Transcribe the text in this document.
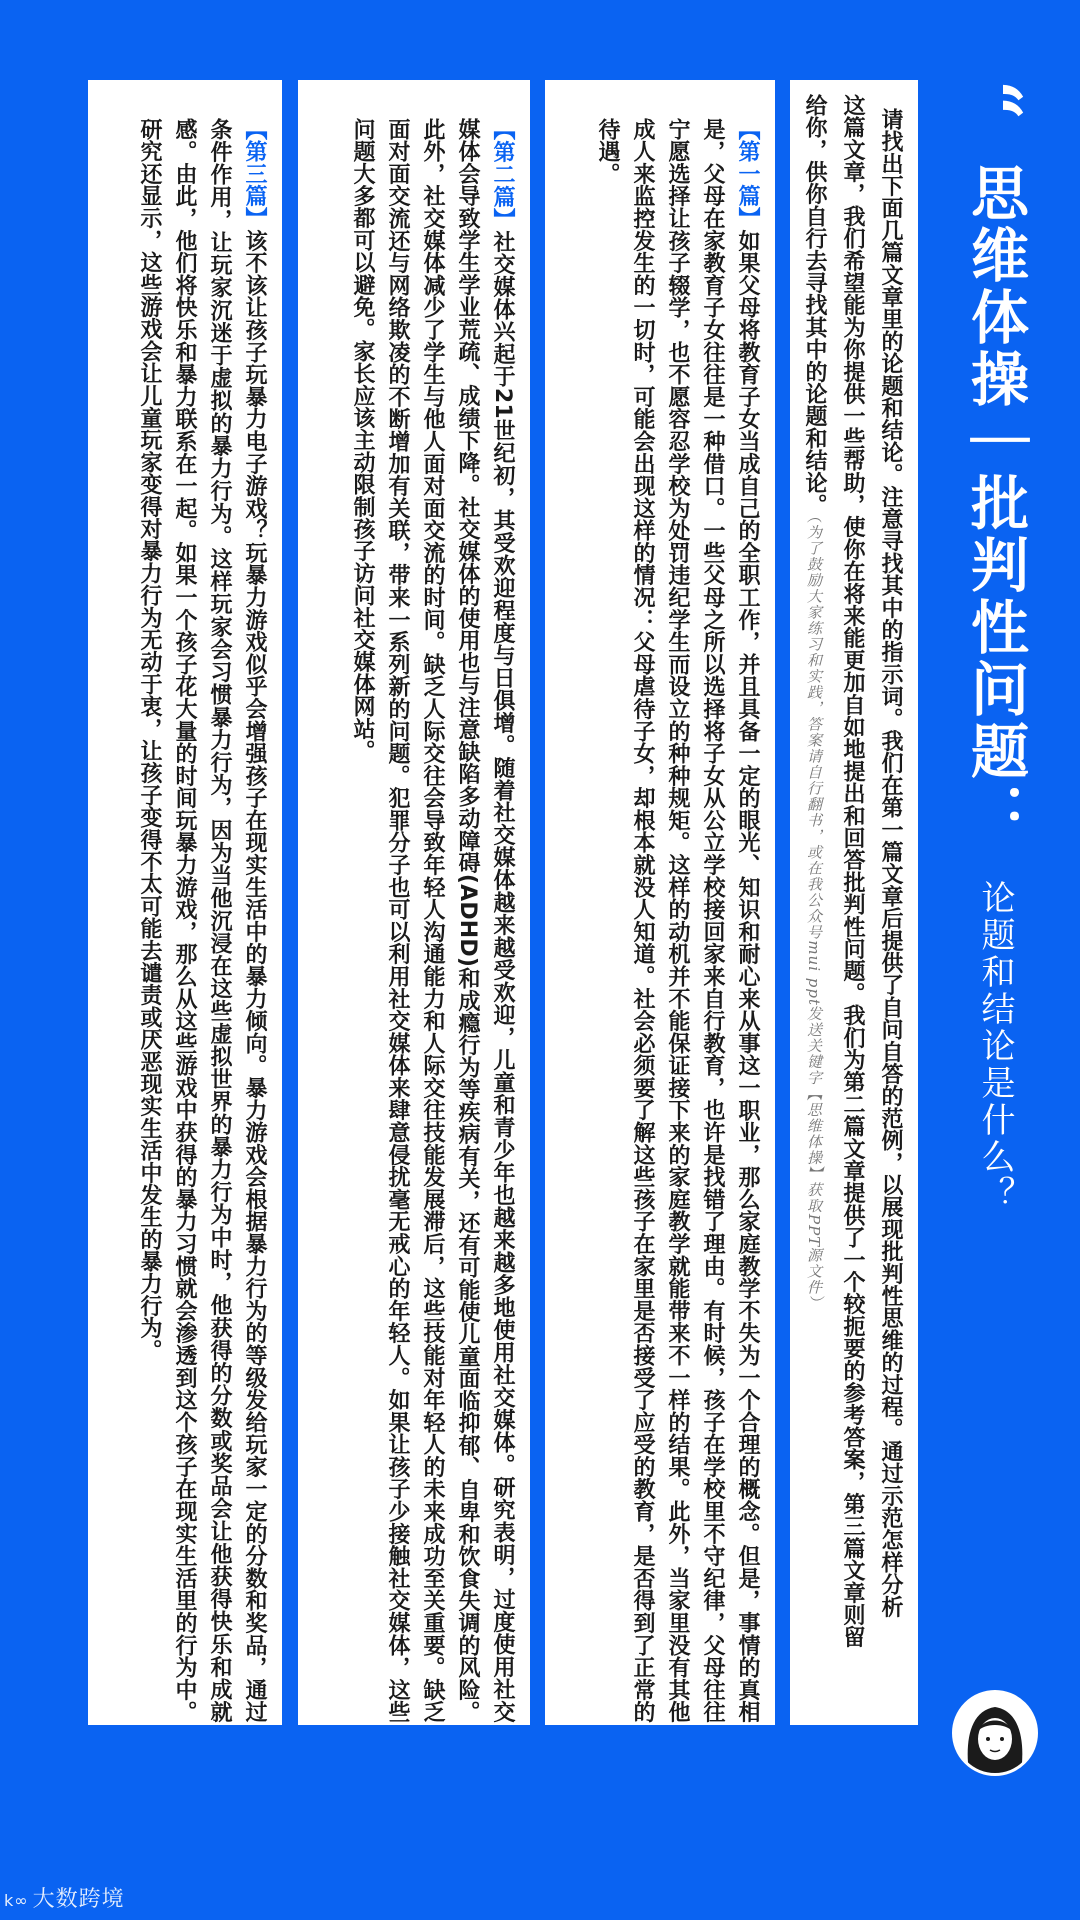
“ 思维体操｜批判性问题： 论题和结论是什么？
请找出下面几篇文章里的论题和结论。注意寻找其中的指示词。我们在第一篇文章后提供了自问自答的范例，以展现批判性思维的过程。通过示范怎样分析
这篇文章，我们希望能为你提供一些帮助，使你在将来能更加自如地提出和回答批判性问题。我们为第二篇文章提供了一个较扼要的参考答案，第三篇文章则留
给你，供你自行去寻找其中的论题和结论。（为了鼓励大家练习和实践，答案请自行翻书，或在我公众号mui ppt发送关键字【思维体操】获取PPT源文件）
【第一篇】如果父母将教育子女当成自己的全职工作，并且具备一定的眼光、知识和耐心来从事这一职业，那么家庭教学不失为一个合理的概念。但是，事情的真相是，父母在家教育子女往往是一种借口。一些父母之所以选择将子女从公立学校接回家来自行教育，也许是找错了理由。有时候，孩子在学校里不守纪律，父母往往宁愿选择让孩子辍学，也不愿容忍学校为处罚违纪学生而设立的种种规矩。这样的动机并不能保证接下来的家庭教学就能带来不一样的结果。此外，当家里没有其他成人来监控发生的一切时，可能会出现这样的情况：父母虐待子女，却根本就没人知道。社会必须要了解这些孩子在家里是否接受了应受的教育，是否得到了正常的待遇。
【第二篇】社交媒体兴起于21世纪初，其受欢迎程度与日俱增。随着社交媒体越来越受欢迎，儿童和青少年也越来越多地使用社交媒体。研究表明，过度使用社交媒体会导致学生学业荒疏、成绩下降。社交媒体的使用也与注意缺陷多动障碍(ADHD)和成瘾行为等疾病有关，还有可能使儿童面临抑郁、自卑和饮食失调的风险。此外，社交媒体减少了学生与他人面对面交流的时间。缺乏人际交往会导致年轻人沟通能力和人际交往技能发展滞后，这些技能对年轻人的未来成功至关重要。缺乏面对面交流还与网络欺凌的不断增加有关联，带来一系列新的问题。犯罪分子也可以利用社交媒体来肆意侵扰毫无戒心的年轻人。如果让孩子少接触社交媒体，这些问题大多都可以避免。家长应该主动限制孩子访问社交媒体网站。
【第三篇】该不该让孩子玩暴力电子游戏？玩暴力游戏似乎会增强孩子在现实生活中的暴力倾向。暴力游戏会根据暴力行为的等级发给玩家一定的分数和奖品，通过条件作用，让玩家沉迷于虚拟的暴力行为。这样玩家会习惯暴力行为，因为当他沉浸在这些虚拟世界的暴力行为中时，他获得的分数或奖品会让他获得快乐和成就感。由此，他们将快乐和暴力联系在一起。如果一个孩子花大量的时间玩暴力游戏，那么从这些游戏中获得的暴力习惯就会渗透到这个孩子在现实生活里的行为中。研究还显示，这些游戏会让儿童玩家变得对暴力行为无动于衷，让孩子变得不太可能去谴责或厌恶现实生活中发生的暴力行为。
k∞ 大数跨境
